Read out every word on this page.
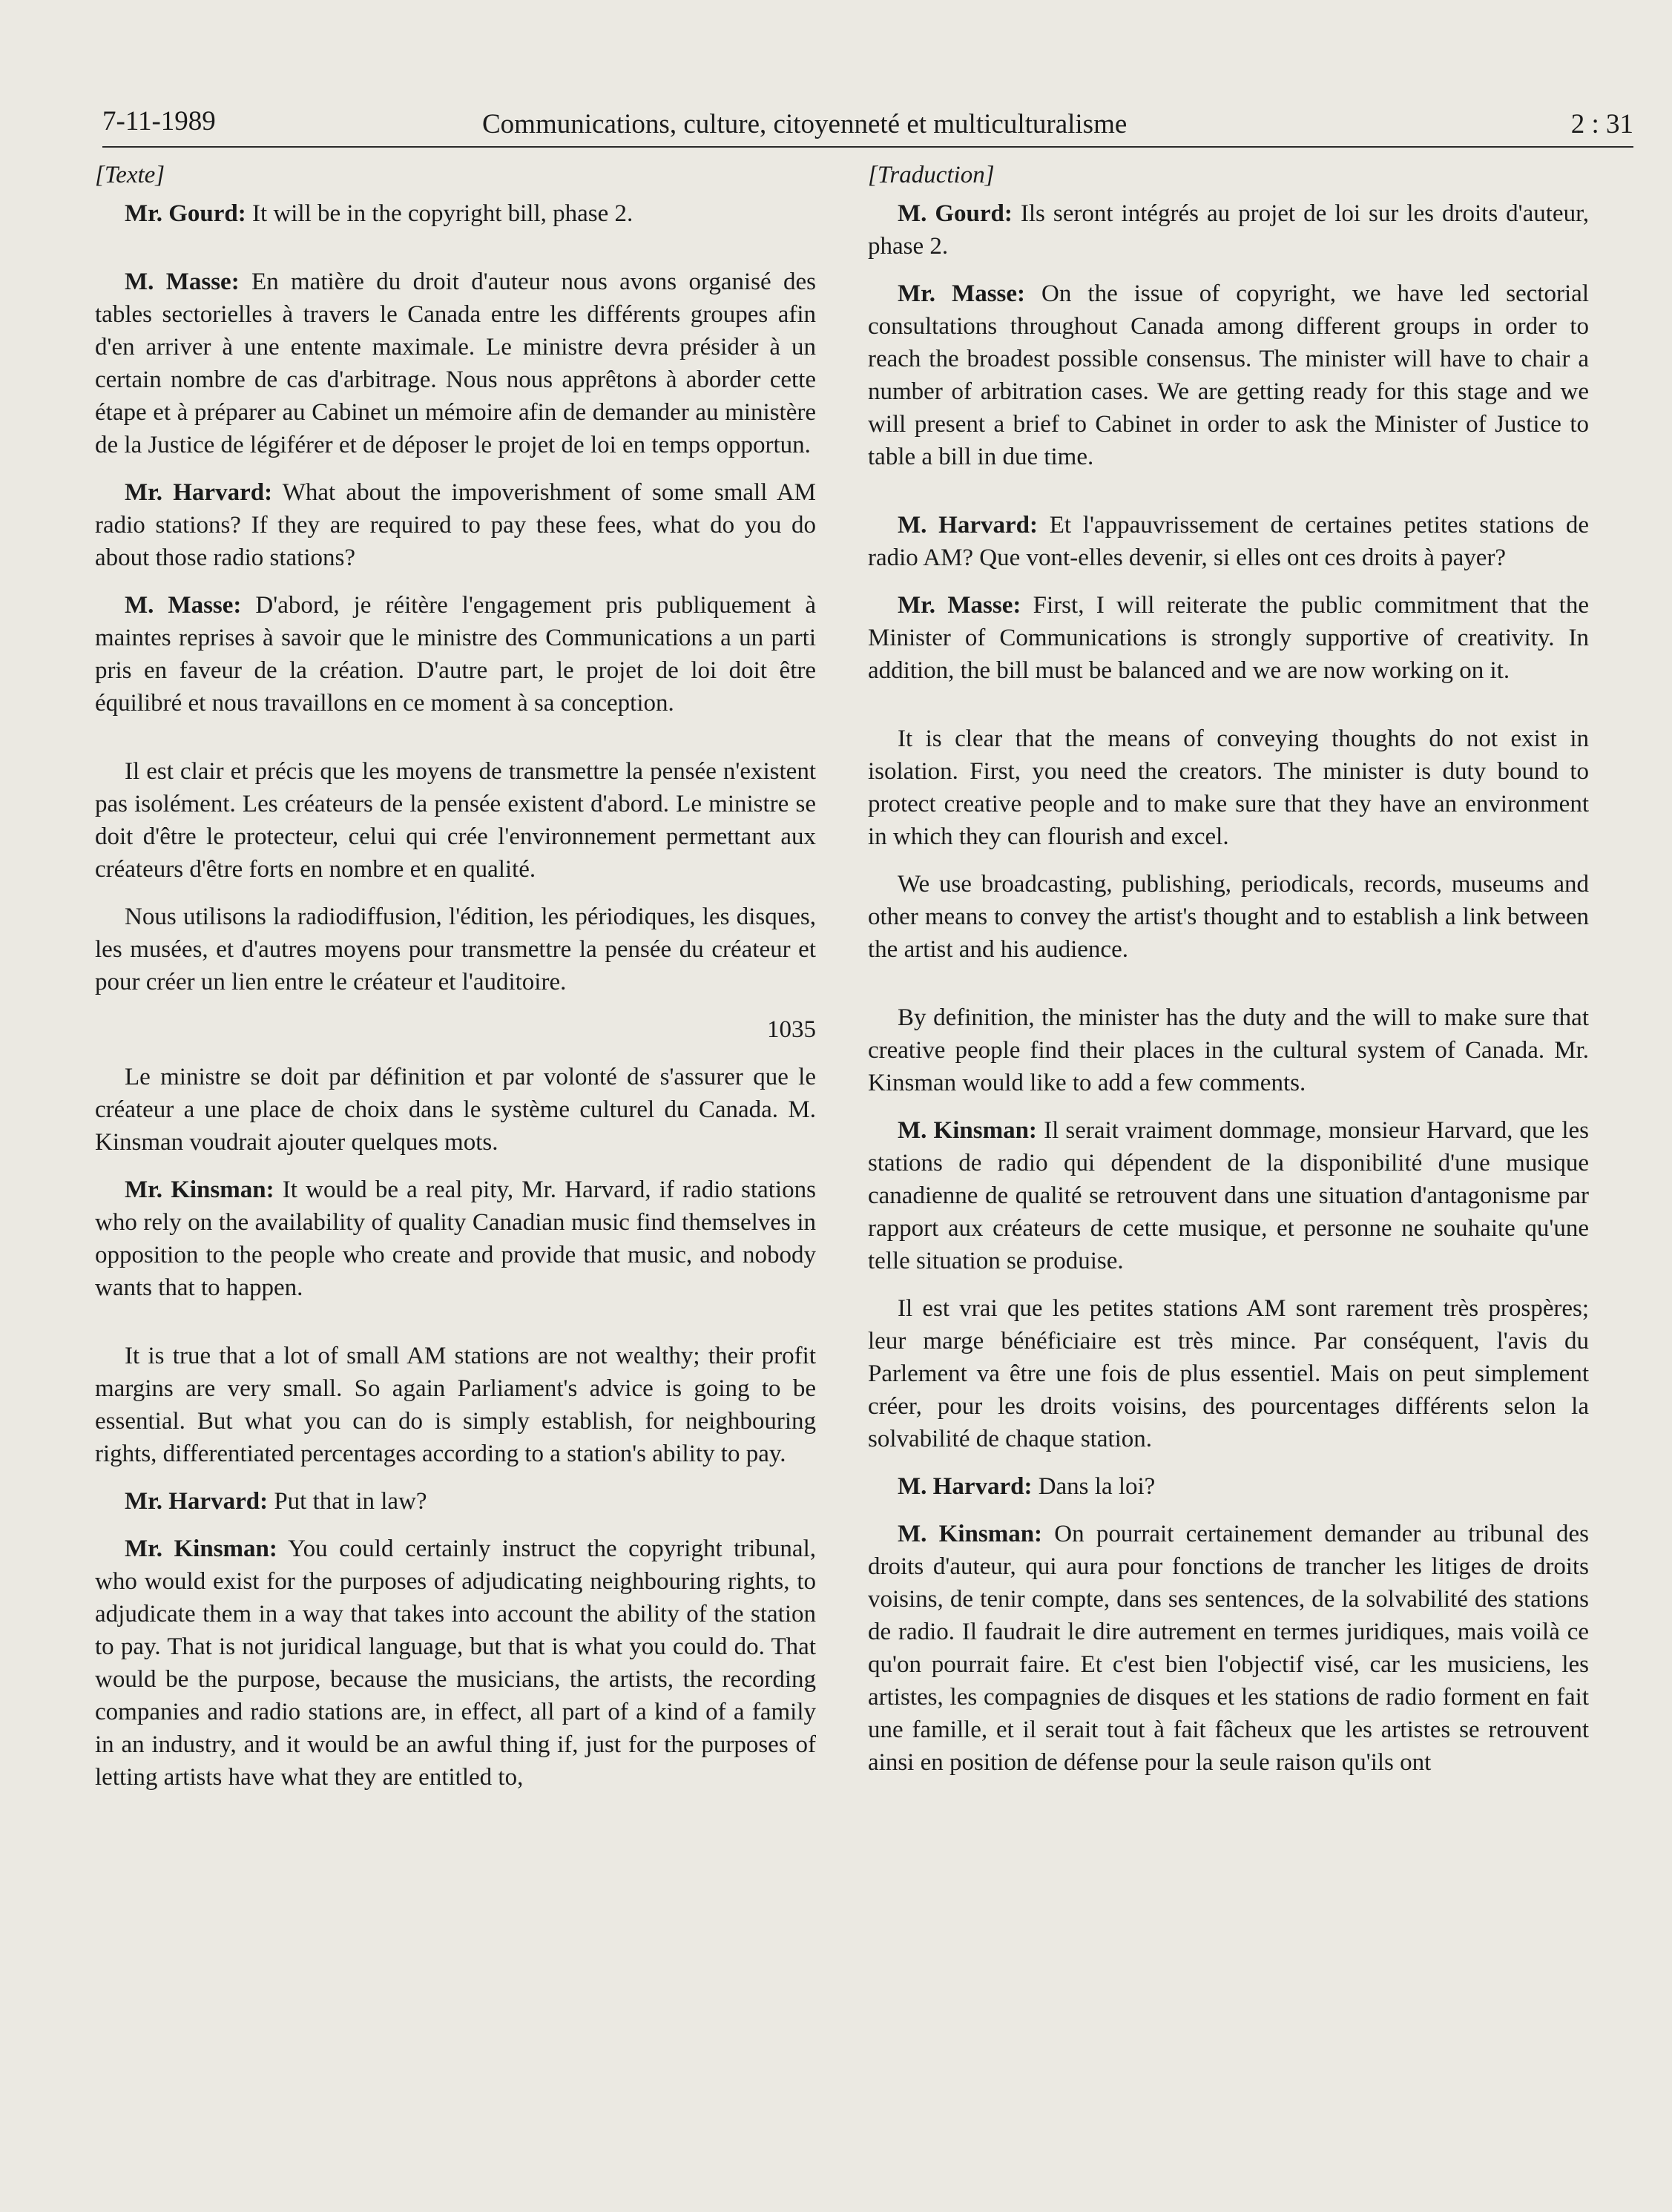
7-11-1989	Communications, culture, citoyenneté et multiculturalisme	2 : 31

[Texte]

Mr. Gourd: It will be in the copyright bill, phase 2.

M. Masse: En matière du droit d'auteur nous avons organisé des tables sectorielles à travers le Canada entre les différents groupes afin d'en arriver à une entente maximale. Le ministre devra présider à un certain nombre de cas d'arbitrage. Nous nous apprêtons à aborder cette étape et à préparer au Cabinet un mémoire afin de demander au ministère de la Justice de légiférer et de déposer le projet de loi en temps opportun.

Mr. Harvard: What about the impoverishment of some small AM radio stations? If they are required to pay these fees, what do you do about those radio stations?

M. Masse: D'abord, je réitère l'engagement pris publiquement à maintes reprises à savoir que le ministre des Communications a un parti pris en faveur de la création. D'autre part, le projet de loi doit être équilibré et nous travaillons en ce moment à sa conception.

Il est clair et précis que les moyens de transmettre la pensée n'existent pas isolément. Les créateurs de la pensée existent d'abord. Le ministre se doit d'être le protecteur, celui qui crée l'environnement permettant aux créateurs d'être forts en nombre et en qualité.

Nous utilisons la radiodiffusion, l'édition, les périodiques, les disques, les musées, et d'autres moyens pour transmettre la pensée du créateur et pour créer un lien entre le créateur et l'auditoire.

1035

Le ministre se doit par définition et par volonté de s'assurer que le créateur a une place de choix dans le système culturel du Canada. M. Kinsman voudrait ajouter quelques mots.

Mr. Kinsman: It would be a real pity, Mr. Harvard, if radio stations who rely on the availability of quality Canadian music find themselves in opposition to the people who create and provide that music, and nobody wants that to happen.

It is true that a lot of small AM stations are not wealthy; their profit margins are very small. So again Parliament's advice is going to be essential. But what you can do is simply establish, for neighbouring rights, differentiated percentages according to a station's ability to pay.

Mr. Harvard: Put that in law?

Mr. Kinsman: You could certainly instruct the copyright tribunal, who would exist for the purposes of adjudicating neighbouring rights, to adjudicate them in a way that takes into account the ability of the station to pay. That is not juridical language, but that is what you could do. That would be the purpose, because the musicians, the artists, the recording companies and radio stations are, in effect, all part of a kind of a family in an industry, and it would be an awful thing if, just for the purposes of letting artists have what they are entitled to,

[Traduction]

M. Gourd: Ils seront intégrés au projet de loi sur les droits d'auteur, phase 2.

Mr. Masse: On the issue of copyright, we have led sectorial consultations throughout Canada among different groups in order to reach the broadest possible consensus. The minister will have to chair a number of arbitration cases. We are getting ready for this stage and we will present a brief to Cabinet in order to ask the Minister of Justice to table a bill in due time.

M. Harvard: Et l'appauvrissement de certaines petites stations de radio AM? Que vont-elles devenir, si elles ont ces droits à payer?

Mr. Masse: First, I will reiterate the public commitment that the Minister of Communications is strongly supportive of creativity. In addition, the bill must be balanced and we are now working on it.

It is clear that the means of conveying thoughts do not exist in isolation. First, you need the creators. The minister is duty bound to protect creative people and to make sure that they have an environment in which they can flourish and excel.

We use broadcasting, publishing, periodicals, records, museums and other means to convey the artist's thought and to establish a link between the artist and his audience.

By definition, the minister has the duty and the will to make sure that creative people find their places in the cultural system of Canada. Mr. Kinsman would like to add a few comments.

M. Kinsman: Il serait vraiment dommage, monsieur Harvard, que les stations de radio qui dépendent de la disponibilité d'une musique canadienne de qualité se retrouvent dans une situation d'antagonisme par rapport aux créateurs de cette musique, et personne ne souhaite qu'une telle situation se produise.

Il est vrai que les petites stations AM sont rarement très prospères; leur marge bénéficiaire est très mince. Par conséquent, l'avis du Parlement va être une fois de plus essentiel. Mais on peut simplement créer, pour les droits voisins, des pourcentages différents selon la solvabilité de chaque station.

M. Harvard: Dans la loi?

M. Kinsman: On pourrait certainement demander au tribunal des droits d'auteur, qui aura pour fonctions de trancher les litiges de droits voisins, de tenir compte, dans ses sentences, de la solvabilité des stations de radio. Il faudrait le dire autrement en termes juridiques, mais voilà ce qu'on pourrait faire. Et c'est bien l'objectif visé, car les musiciens, les artistes, les compagnies de disques et les stations de radio forment en fait une famille, et il serait tout à fait fâcheux que les artistes se retrouvent ainsi en position de défense pour la seule raison qu'ils ont
